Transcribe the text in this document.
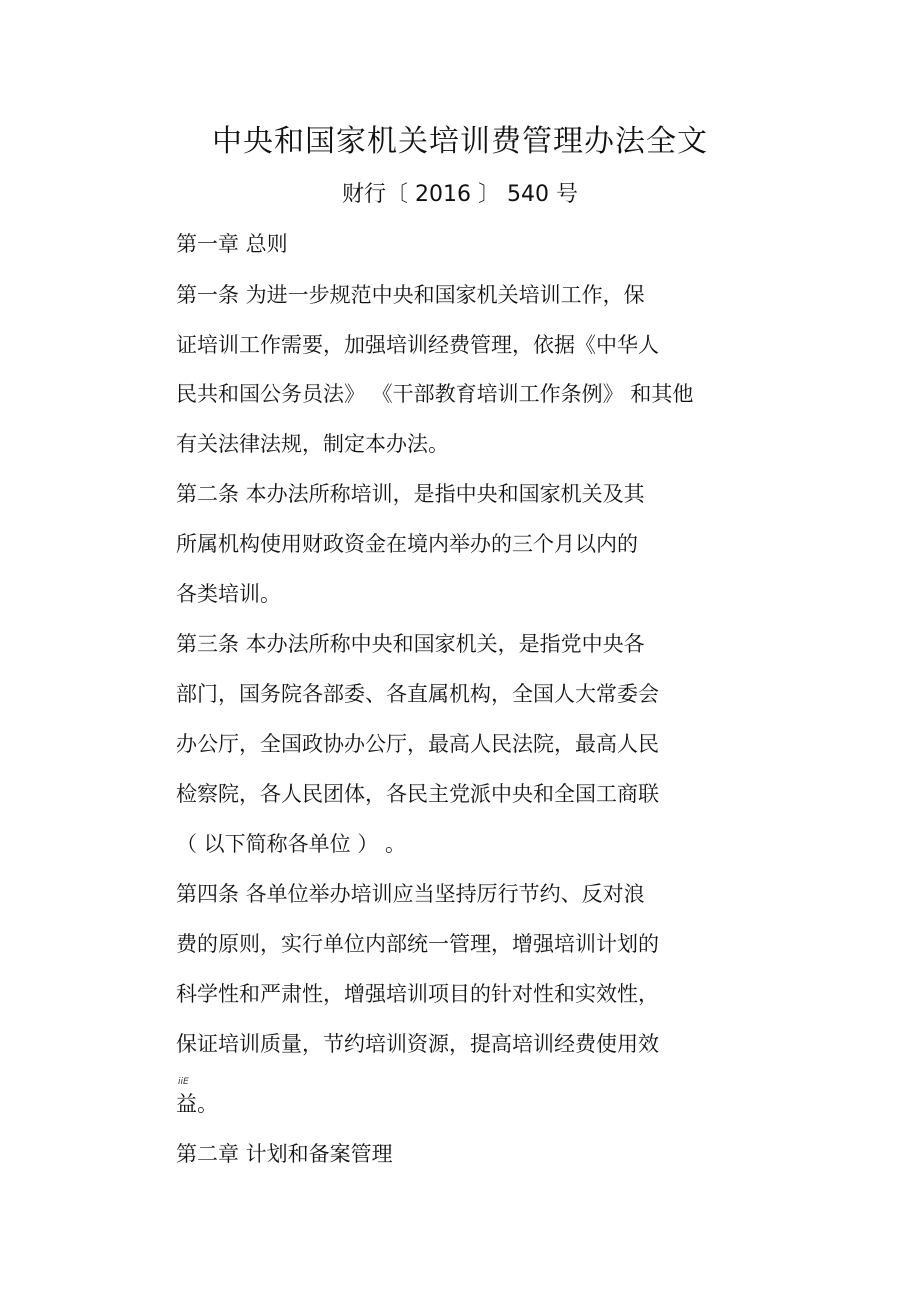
中央和国家机关培训费管理办法全文
财行〔 2016 〕 540 号
第一章 总则
第一条 为进一步规范中央和国家机关培训工作，保
证培训工作需要，加强培训经费管理，依据《中华人
民共和国公务员法》 《干部教育培训工作条例》 和其他
有关法律法规，制定本办法。
第二条 本办法所称培训，是指中央和国家机关及其
所属机构使用财政资金在境内举办的三个月以内的
各类培训。
第三条 本办法所称中央和国家机关，是指党中央各
部门，国务院各部委、各直属机构，全国人大常委会
办公厅，全国政协办公厅，最高人民法院，最高人民
检察院，各人民团体，各民主党派中央和全国工商联
（ 以下简称各单位 ） 。
第四条 各单位举办培训应当坚持厉行节约、反对浪
费的原则，实行单位内部统一管理，增强培训计划的
科学性和严肃性，增强培训项目的针对性和实效性，
保证培训质量，节约培训资源，提高培训经费使用效
iiE
益。
第二章 计划和备案管理
